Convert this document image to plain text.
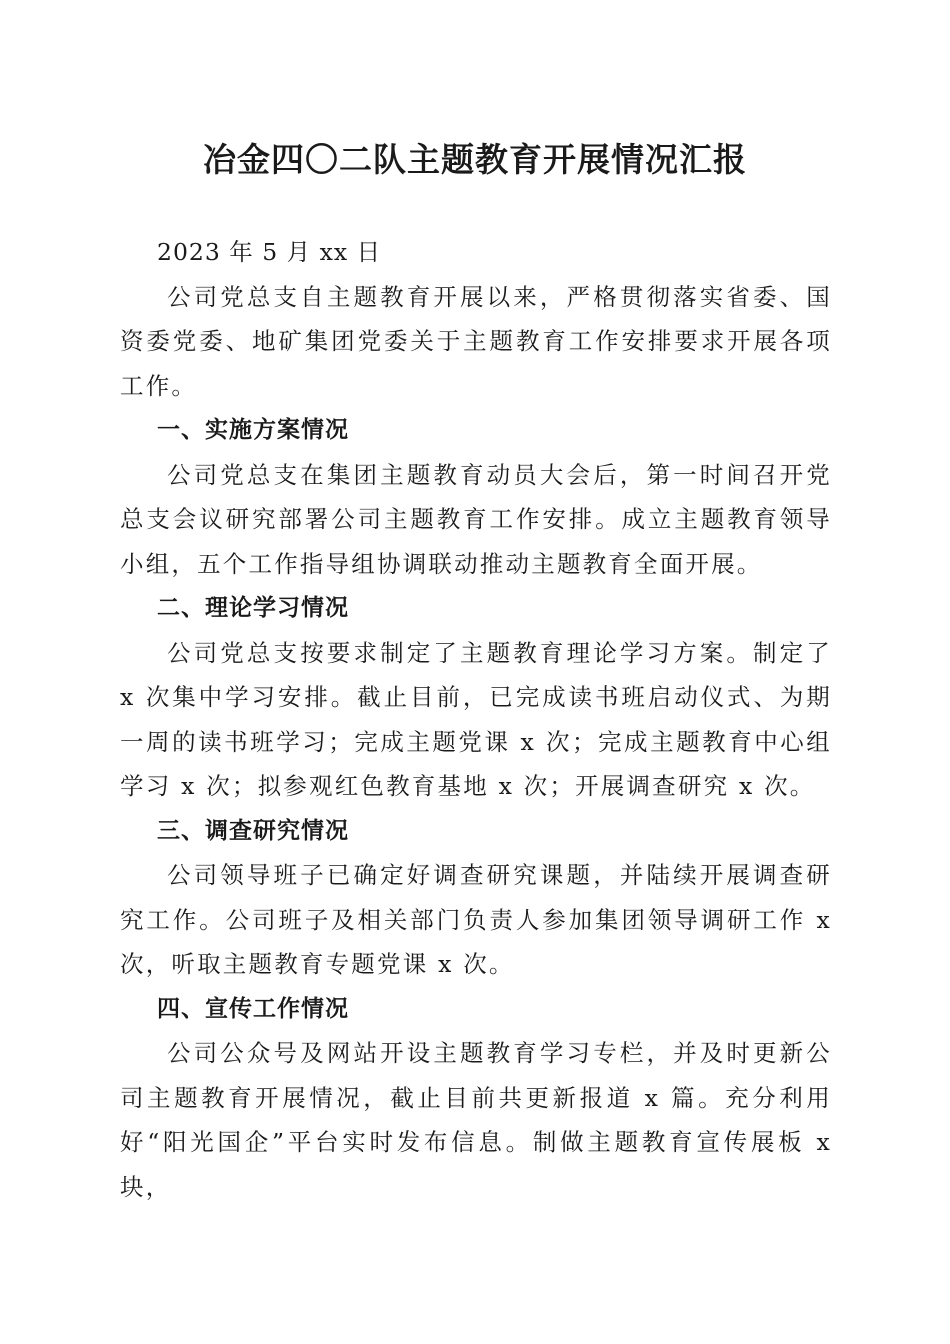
冶金四〇二队主题教育开展情况汇报

2023 年 5 月 xx 日

公司党总支自主题教育开展以来，严格贯彻落实省委、国资委党委、地矿集团党委关于主题教育工作安排要求开展各项工作。

一、实施方案情况

公司党总支在集团主题教育动员大会后，第一时间召开党总支会议研究部署公司主题教育工作安排。成立主题教育领导小组，五个工作指导组协调联动推动主题教育全面开展。

二、理论学习情况

公司党总支按要求制定了主题教育理论学习方案。制定了 x 次集中学习安排。截止目前，已完成读书班启动仪式、为期一周的读书班学习；完成主题党课 x 次；完成主题教育中心组学习 x 次；拟参观红色教育基地 x 次；开展调查研究 x 次。

三、调查研究情况

公司领导班子已确定好调查研究课题，并陆续开展调查研究工作。公司班子及相关部门负责人参加集团领导调研工作 x 次，听取主题教育专题党课 x 次。

四、宣传工作情况

公司公众号及网站开设主题教育学习专栏，并及时更新公司主题教育开展情况，截止目前共更新报道 x 篇。充分利用好“阳光国企”平台实时发布信息。制做主题教育宣传展板 x 块，
